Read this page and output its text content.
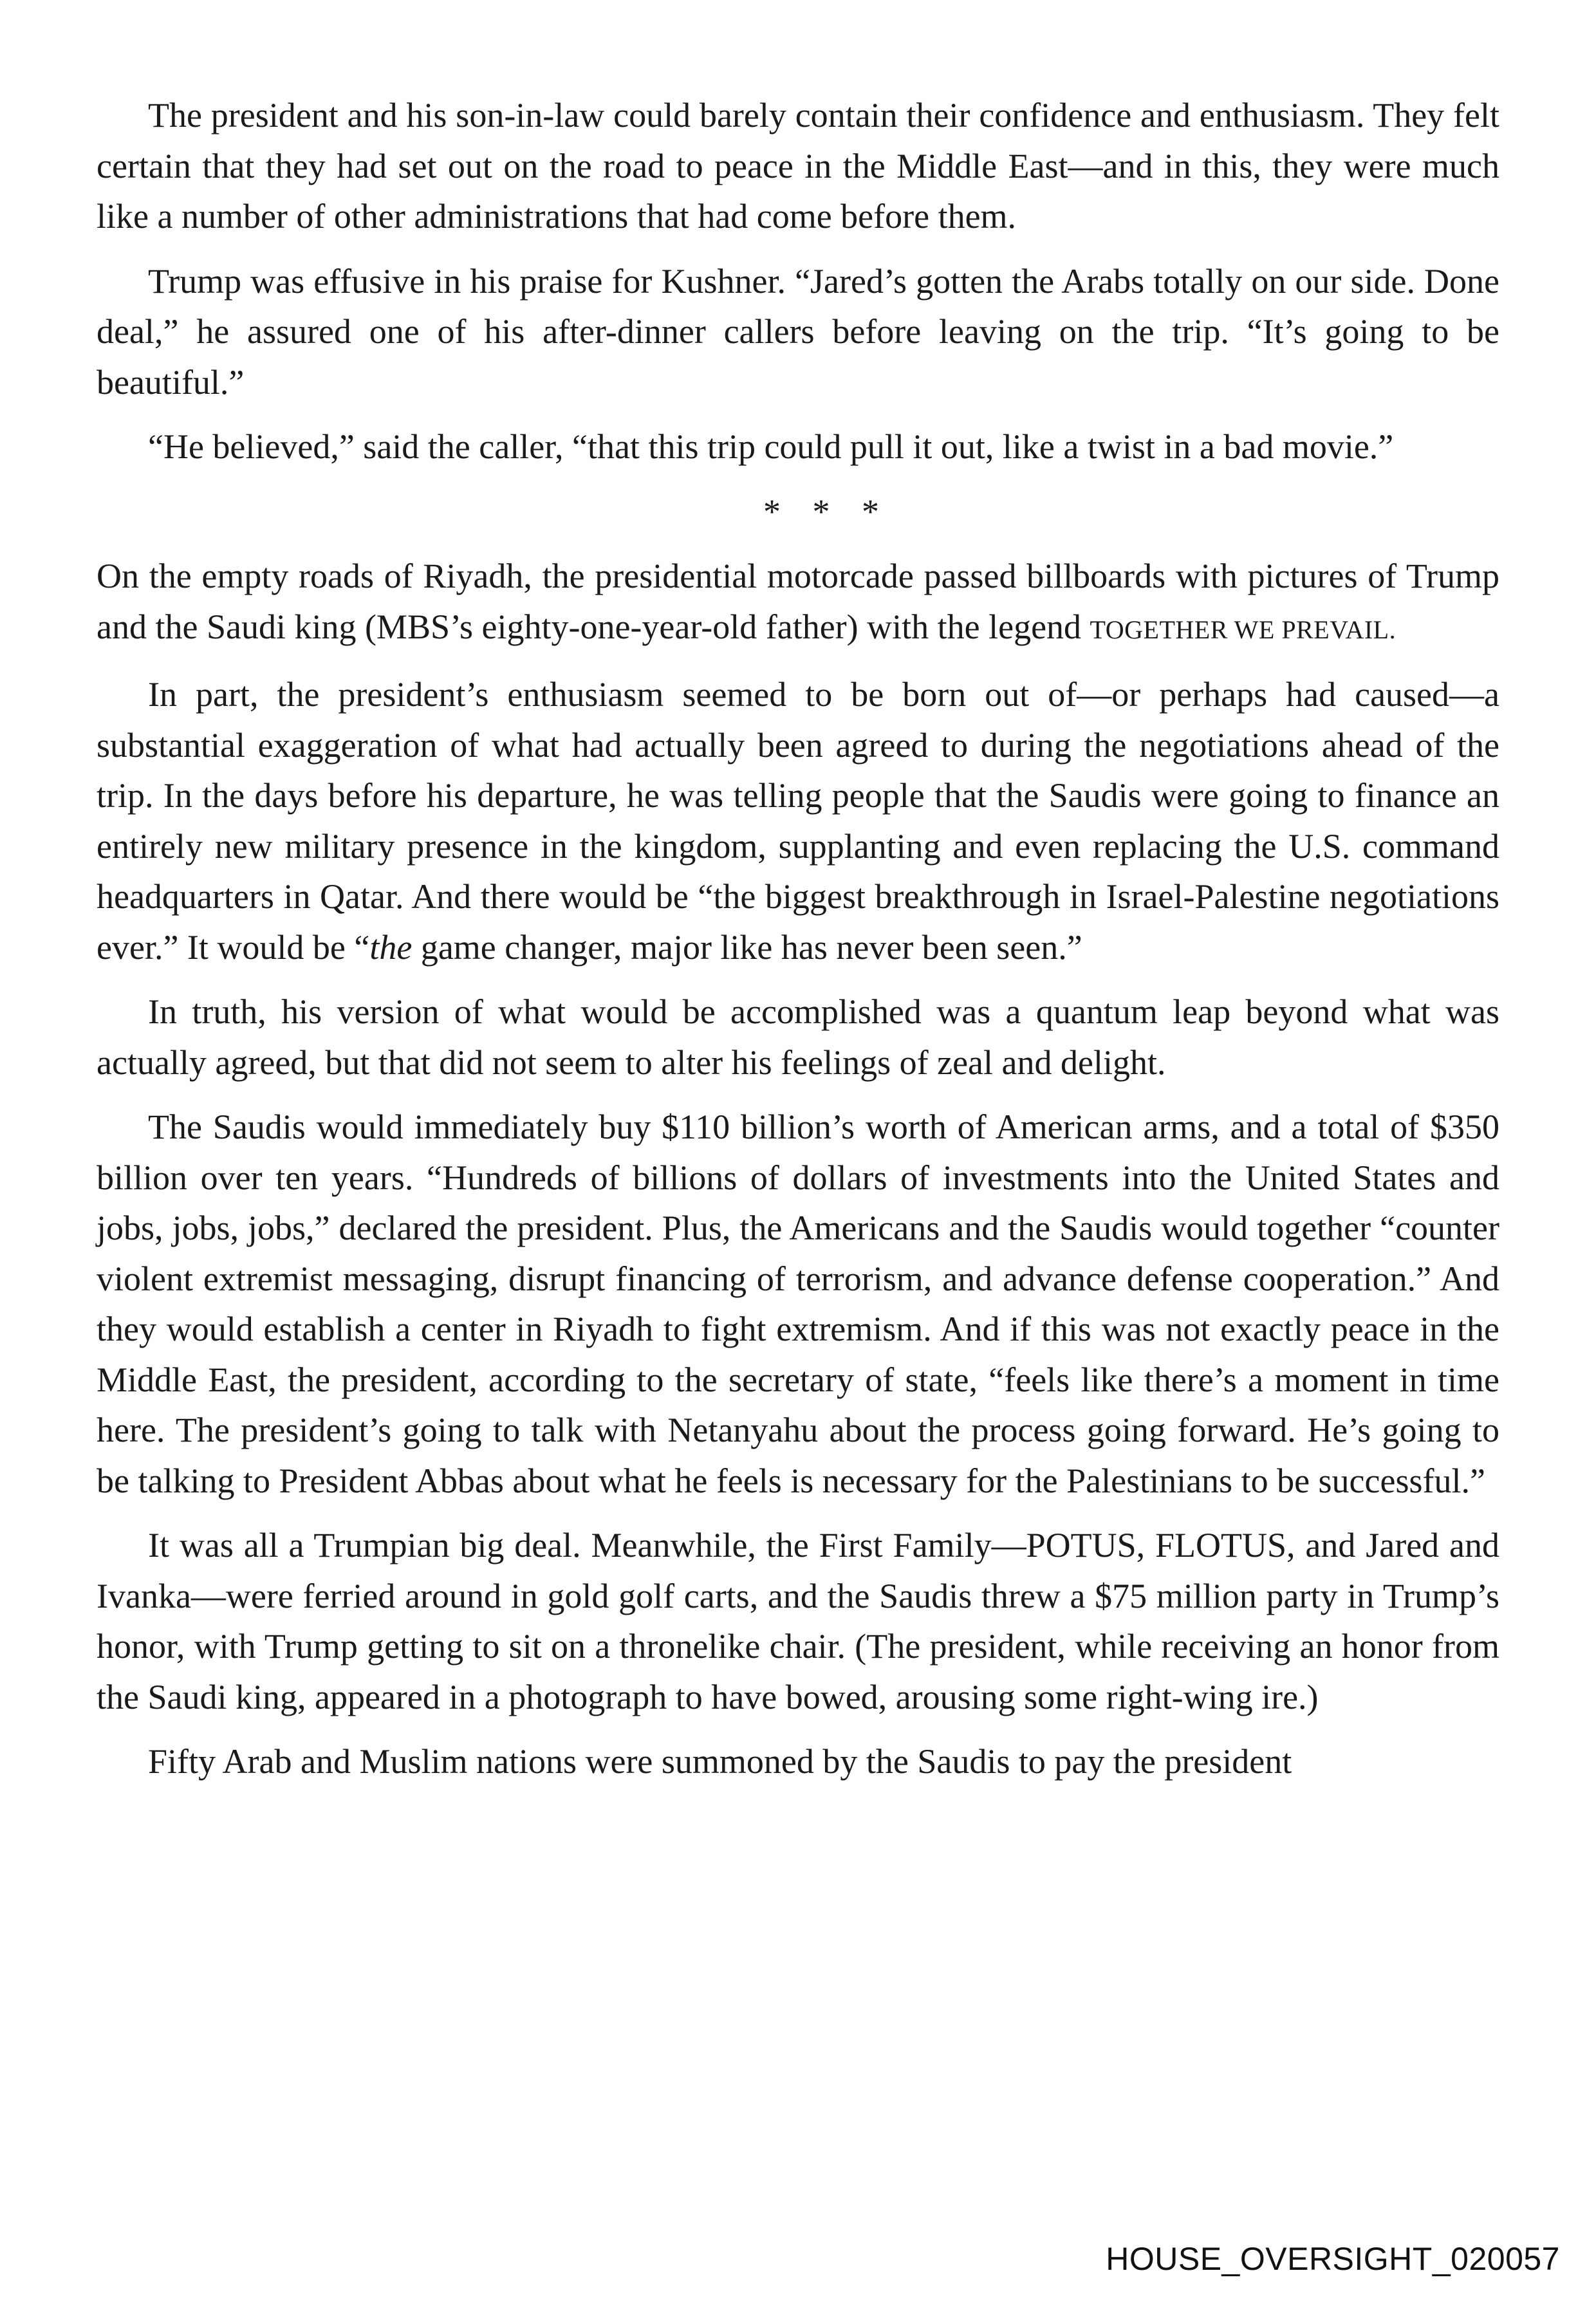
The president and his son-in-law could barely contain their confidence and enthusiasm. They felt certain that they had set out on the road to peace in the Middle East—and in this, they were much like a number of other administrations that had come before them.

Trump was effusive in his praise for Kushner. “Jared’s gotten the Arabs totally on our side. Done deal,” he assured one of his after-dinner callers before leaving on the trip. “It’s going to be beautiful.”

“He believed,” said the caller, “that this trip could pull it out, like a twist in a bad movie.”

* * *

On the empty roads of Riyadh, the presidential motorcade passed billboards with pictures of Trump and the Saudi king (MBS’s eighty-one-year-old father) with the legend TOGETHER WE PREVAIL.

In part, the president’s enthusiasm seemed to be born out of—or perhaps had caused—a substantial exaggeration of what had actually been agreed to during the negotiations ahead of the trip. In the days before his departure, he was telling people that the Saudis were going to finance an entirely new military presence in the kingdom, supplanting and even replacing the U.S. command headquarters in Qatar. And there would be “the biggest breakthrough in Israel-Palestine negotiations ever.” It would be “the game changer, major like has never been seen.”

In truth, his version of what would be accomplished was a quantum leap beyond what was actually agreed, but that did not seem to alter his feelings of zeal and delight.

The Saudis would immediately buy $110 billion’s worth of American arms, and a total of $350 billion over ten years. “Hundreds of billions of dollars of investments into the United States and jobs, jobs, jobs,” declared the president. Plus, the Americans and the Saudis would together “counter violent extremist messaging, disrupt financing of terrorism, and advance defense cooperation.” And they would establish a center in Riyadh to fight extremism. And if this was not exactly peace in the Middle East, the president, according to the secretary of state, “feels like there’s a moment in time here. The president’s going to talk with Netanyahu about the process going forward. He’s going to be talking to President Abbas about what he feels is necessary for the Palestinians to be successful.”

It was all a Trumpian big deal. Meanwhile, the First Family—POTUS, FLOTUS, and Jared and Ivanka—were ferried around in gold golf carts, and the Saudis threw a $75 million party in Trump’s honor, with Trump getting to sit on a thronelike chair. (The president, while receiving an honor from the Saudi king, appeared in a photograph to have bowed, arousing some right-wing ire.)

Fifty Arab and Muslim nations were summoned by the Saudis to pay the president

HOUSE_OVERSIGHT_020057
